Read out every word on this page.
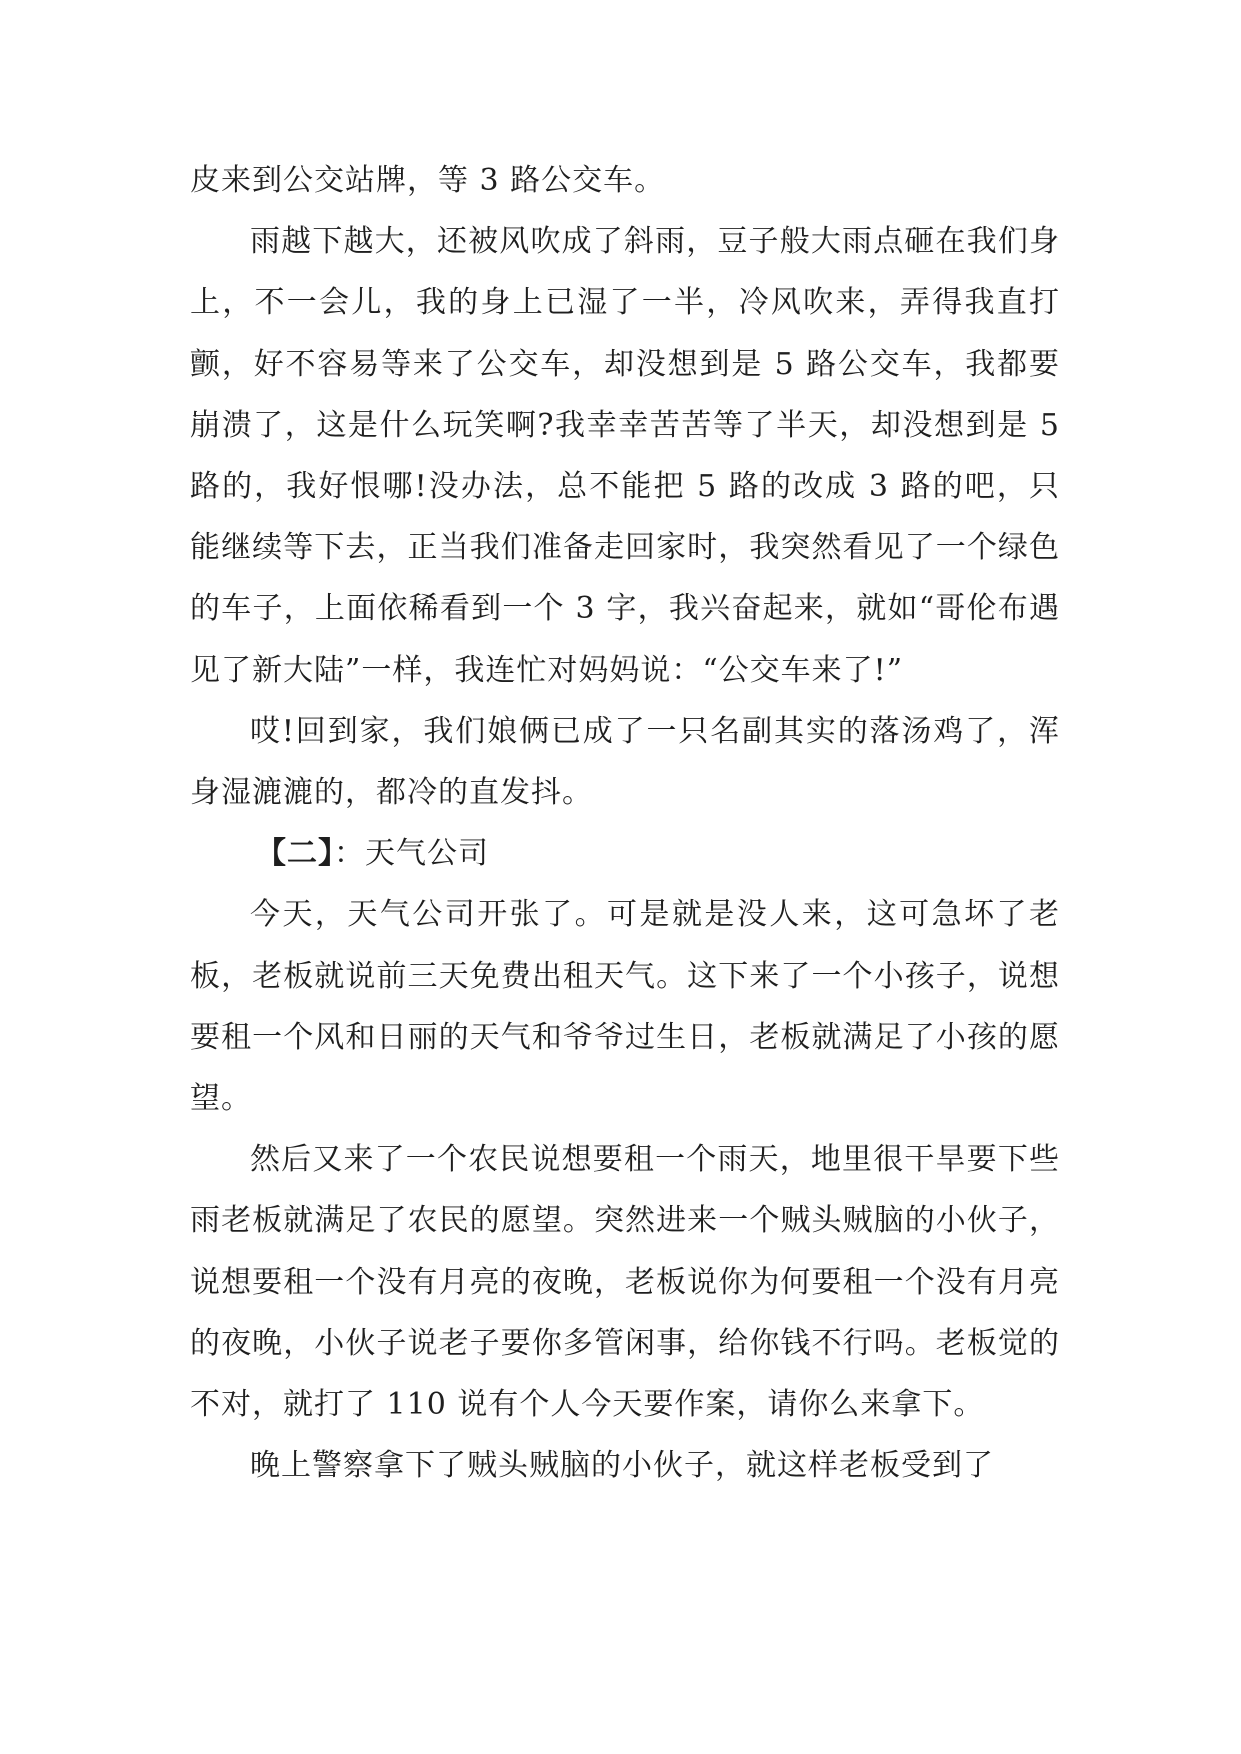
皮来到公交站牌，等 3 路公交车。

雨越下越大，还被风吹成了斜雨，豆子般大雨点砸在我们身上，不一会儿，我的身上已湿了一半，冷风吹来，弄得我直打颤，好不容易等来了公交车，却没想到是 5 路公交车，我都要崩溃了，这是什么玩笑啊?我幸幸苦苦等了半天，却没想到是 5 路的，我好恨哪!没办法，总不能把 5 路的改成 3 路的吧，只能继续等下去，正当我们准备走回家时，我突然看见了一个绿色的车子，上面依稀看到一个 3 字，我兴奋起来，就如“哥伦布遇见了新大陆”一样，我连忙对妈妈说：“公交车来了!”

哎!回到家，我们娘俩已成了一只名副其实的落汤鸡了，浑身湿漉漉的，都冷的直发抖。

【二】：天气公司

今天，天气公司开张了。可是就是没人来，这可急坏了老板，老板就说前三天免费出租天气。这下来了一个小孩子，说想要租一个风和日丽的天气和爷爷过生日，老板就满足了小孩的愿望。

然后又来了一个农民说想要租一个雨天，地里很干旱要下些雨老板就满足了农民的愿望。突然进来一个贼头贼脑的小伙子，说想要租一个没有月亮的夜晚，老板说你为何要租一个没有月亮的夜晚，小伙子说老子要你多管闲事，给你钱不行吗。老板觉的不对，就打了 110 说有个人今天要作案，请你么来拿下。

晚上警察拿下了贼头贼脑的小伙子，就这样老板受到了
